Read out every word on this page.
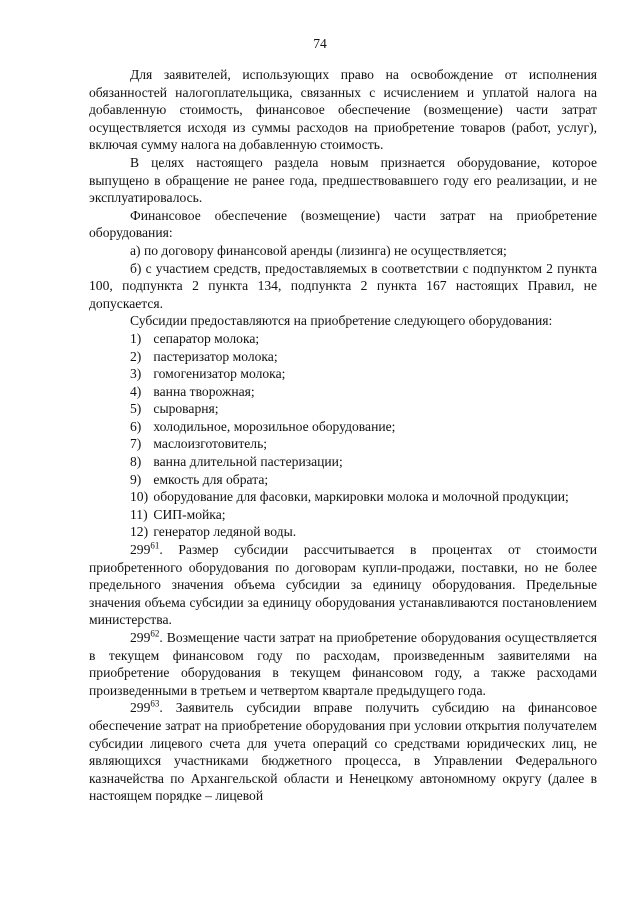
74

Для заявителей, использующих право на освобождение от исполнения обязанностей налогоплательщика, связанных с исчислением и уплатой налога на добавленную стоимость, финансовое обеспечение (возмещение) части затрат осуществляется исходя из суммы расходов на приобретение товаров (работ, услуг), включая сумму налога на добавленную стоимость.

В целях настоящего раздела новым признается оборудование, которое выпущено в обращение не ранее года, предшествовавшего году его реализации, и не эксплуатировалось.

Финансовое обеспечение (возмещение) части затрат на приобретение оборудования:

а) по договору финансовой аренды (лизинга) не осуществляется;

б) с участием средств, предоставляемых в соответствии с подпунктом 2 пункта 100, подпункта 2 пункта 134, подпункта 2 пункта 167 настоящих Правил, не допускается.

Субсидии предоставляются на приобретение следующего оборудования:

1) сепаратор молока;
2) пастеризатор молока;
3) гомогенизатор молока;
4) ванна творожная;
5) сыроварня;
6) холодильное, морозильное оборудование;
7) маслоизготовитель;
8) ванна длительной пастеризации;
9) емкость для обрата;
10) оборудование для фасовки, маркировки молока и молочной продукции;
11) СИП-мойка;
12) генератор ледяной воды.

$299^{61}$. Размер субсидии рассчитывается в процентах от стоимости приобретенного оборудования по договорам купли-продажи, поставки, но не более предельного значения объема субсидии за единицу оборудования. Предельные значения объема субсидии за единицу оборудования устанавливаются постановлением министерства.

$299^{62}$. Возмещение части затрат на приобретение оборудования осуществляется в текущем финансовом году по расходам, произведенным заявителями на приобретение оборудования в текущем финансовом году, а также расходами произведенными в третьем и четвертом квартале предыдущего года.

$299^{63}$. Заявитель субсидии вправе получить субсидию на финансовое обеспечение затрат на приобретение оборудования при условии открытия получателем субсидии лицевого счета для учета операций со средствами юридических лиц, не являющихся участниками бюджетного процесса, в Управлении Федерального казначейства по Архангельской области и Ненецкому автономному округу (далее в настоящем порядке – лицевой
